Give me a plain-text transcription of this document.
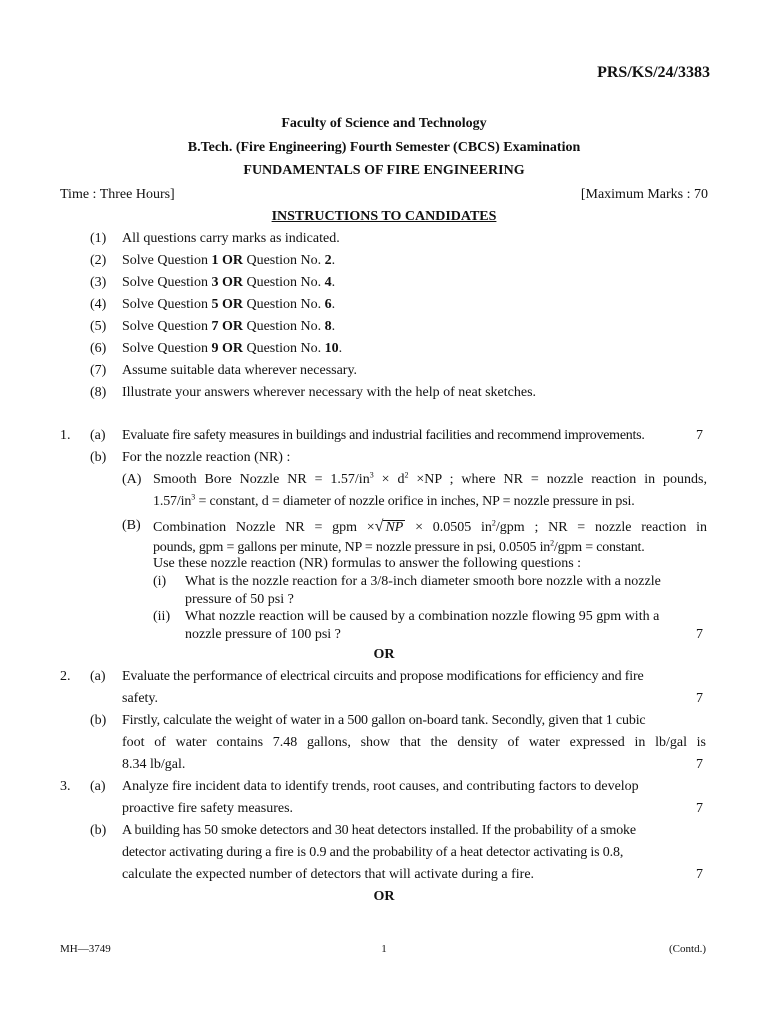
PRS/KS/24/3383
Faculty of Science and Technology
B.Tech. (Fire Engineering) Fourth Semester (CBCS) Examination
FUNDAMENTALS OF FIRE ENGINEERING
Time : Three Hours]	[Maximum Marks : 70
INSTRUCTIONS TO CANDIDATES
(1) All questions carry marks as indicated.
(2) Solve Question 1 OR Question No. 2.
(3) Solve Question 3 OR Question No. 4.
(4) Solve Question 5 OR Question No. 6.
(5) Solve Question 7 OR Question No. 8.
(6) Solve Question 9 OR Question No. 10.
(7) Assume suitable data wherever necessary.
(8) Illustrate your answers wherever necessary with the help of neat sketches.
1. (a) Evaluate fire safety measures in buildings and industrial facilities and recommend improvements.	7
(b) For the nozzle reaction (NR) :
(A) Smooth Bore Nozzle NR = $1.57/in^3 \times d^2 \times NP$ ; where NR = nozzle reaction in pounds,
$1.57/in^3$ = constant, d = diameter of nozzle orifice in inches, NP = nozzle pressure in psi.
(B) Combination Nozzle NR = gpm ×√ NP × 0.0505 $in^2$/gpm ; NR = nozzle reaction in
pounds, gpm = gallons per minute, NP = nozzle pressure in psi, 0.0505 $in^2$/gpm = constant.
Use these nozzle reaction (NR) formulas to answer the following questions :
(i) What is the nozzle reaction for a 3/8-inch diameter smooth bore nozzle with a nozzle
pressure of 50 psi ?
(ii) What nozzle reaction will be caused by a combination nozzle flowing 95 gpm with a
nozzle pressure of 100 psi ?	7
OR
2. (a) Evaluate the performance of electrical circuits and propose modifications for efficiency and fire
safety.	7
(b) Firstly, calculate the weight of water in a 500 gallon on-board tank. Secondly, given that 1 cubic
foot of water contains 7.48 gallons, show that the density of water expressed in lb/gal is
8.34 lb/gal.	7
3. (a) Analyze fire incident data to identify trends, root causes, and contributing factors to develop
proactive fire safety measures.	7
(b) A building has 50 smoke detectors and 30 heat detectors installed. If the probability of a smoke
detector activating during a fire is 0.9 and the probability of a heat detector activating is 0.8,
calculate the expected number of detectors that will activate during a fire.	7
OR
MH—3749	1	(Contd.)
